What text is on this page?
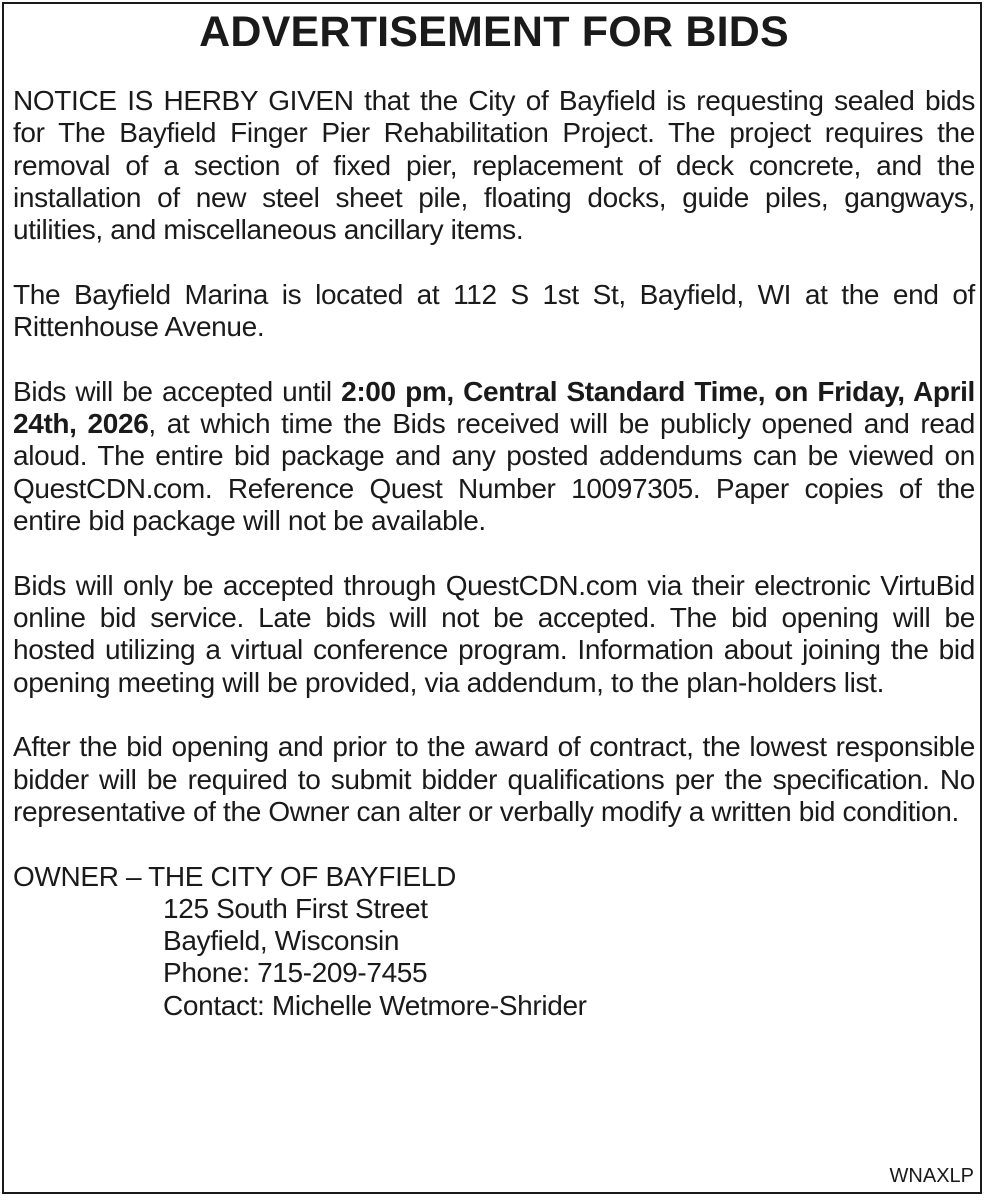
ADVERTISEMENT FOR BIDS

NOTICE IS HERBY GIVEN that the City of Bayfield is requesting sealed bids for The Bayfield Finger Pier Rehabilitation Project. The project requires the removal of a section of fixed pier, replacement of deck concrete, and the installation of new steel sheet pile, floating docks, guide piles, gangways, utilities, and miscellaneous ancillary items.

The Bayfield Marina is located at 112 S 1st St, Bayfield, WI at the end of Rittenhouse Avenue.

Bids will be accepted until 2:00 pm, Central Standard Time, on Friday, April 24th, 2026, at which time the Bids received will be publicly opened and read aloud. The entire bid package and any posted addendums can be viewed on QuestCDN.com. Reference Quest Number 10097305. Paper copies of the entire bid package will not be available.

Bids will only be accepted through QuestCDN.com via their electronic VirtuBid online bid service. Late bids will not be accepted. The bid opening will be hosted utilizing a virtual conference program. Information about joining the bid opening meeting will be provided, via addendum, to the plan-holders list.

After the bid opening and prior to the award of contract, the lowest responsible bidder will be required to submit bidder qualifications per the specification. No representative of the Owner can alter or verbally modify a written bid condition.

OWNER – THE CITY OF BAYFIELD
125 South First Street
Bayfield, Wisconsin
Phone: 715-209-7455
Contact: Michelle Wetmore-Shrider
WNAXLP
